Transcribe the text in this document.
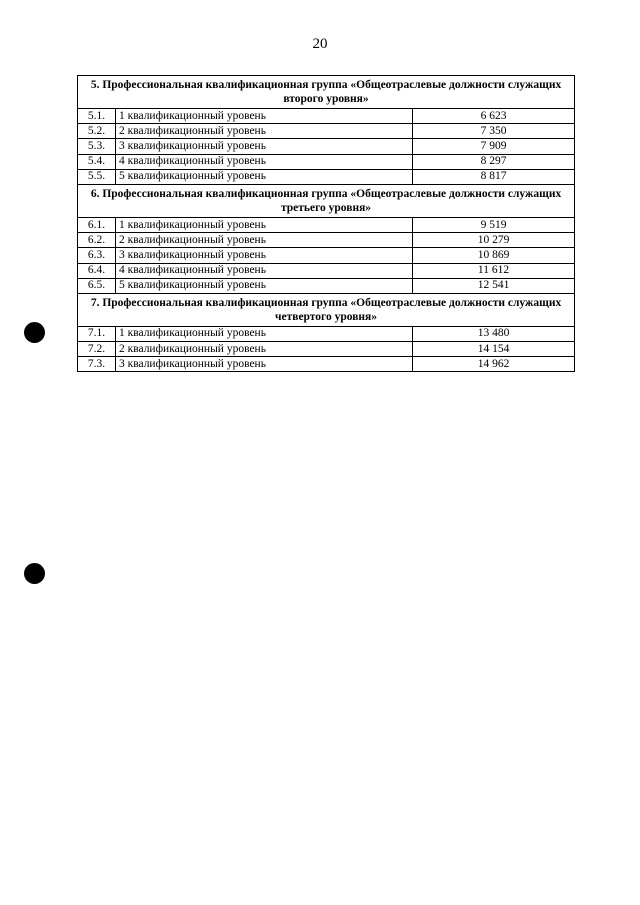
20
5. Профессиональная квалификационная группа «Общеотраслевые должности служащих второго уровня»		
5.1.	1 квалификационный уровень	6 623
5.2.	2 квалификационный уровень	7 350
5.3.	3 квалификационный уровень	7 909
5.4.	4 квалификационный уровень	8 297
5.5.	5 квалификационный уровень	8 817
6. Профессиональная квалификационная группа «Общеотраслевые должности служащих третьего уровня»		
6.1.	1 квалификационный уровень	9 519
6.2.	2 квалификационный уровень	10 279
6.3.	3 квалификационный уровень	10 869
6.4.	4 квалификационный уровень	11 612
6.5.	5 квалификационный уровень	12 541
7. Профессиональная квалификационная группа «Общеотраслевые должности служащих четвертого уровня»		
7.1.	1 квалификационный уровень	13 480
7.2.	2 квалификационный уровень	14 154
7.3.	3 квалификационный уровень	14 962
